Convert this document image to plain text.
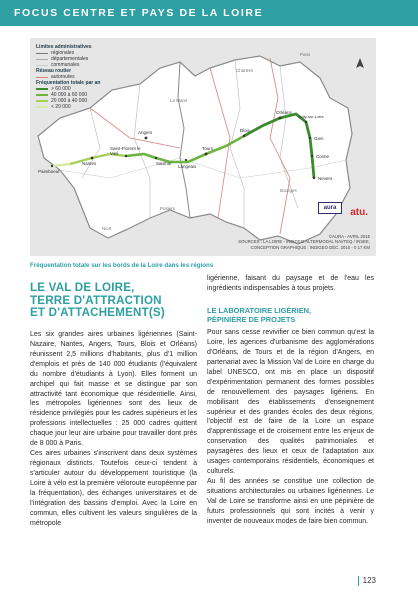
FOCUS CENTRE ET PAYS DE LA LOIRE
Limites administratives
régionales
départementales
communales
Réseau routier
autoroutes
Fréquentation totale par an
> 60 000
40 000 à 60 000
20 000 à 40 000
< 20 000
Paimboeuf
Nantes
Saint-Florent le Vieil
Saumur
Angers
Tours
Blois
Orléans
Langeais
Sully-sur-Loire
Gien
Cosne
Nevers
Paris
Bourges
Poitiers
Chartres
Niort
Le Mans
aura	atu.
©AURA - AVRIL 2015
SOURCES : LA LOIRE - INDIGEO ALTERMODAL NAVTEQ / INSEE,
CONCEPTION GRAPHIQUE : INDIGEO DÉC. 2010 - 0 17 KM
Fréquentation totale sur les bords de la Loire dans les régions
LE VAL DE LOIRE,
TERRE D'ATTRACTION
ET D'ATTACHEMENT(S)

Les six grandes aires urbaines ligériennes (Saint-Nazaire, Nantes, Angers, Tours, Blois et Orléans) réunissent 2,5 millions d'habitants, plus d'1 million d'emplois et près de 140 000 étudiants (l'équivalent du nombre d'étudiants à Lyon). Elles forment un archipel qui fait masse et se distingue par son attractivité tant économique que résidentielle. Ainsi, les métropoles ligériennes sont des lieux de résidence privilégiés pour les cadres supérieurs et les professions intellectuelles : 25 000 cadres quittent chaque jour leur aire urbaine pour travailler dont près de 8 000 à Paris.

Ces aires urbaines s'inscrivent dans deux systèmes régionaux distincts. Toutefois ceux-ci tendent à s'articuler autour du développement touristique (la Loire à vélo est la première véloroute européenne par la fréquentation), des échanges universitaires et de l'intégration des bassins d'emploi. Avec la Loire en commun, elles cultivent les valeurs singulières de la métropole

ligérienne, faisant du paysage et de l'eau les ingrédients indispensables à tous projets.

LE LABORATOIRE LIGÉRIEN,
PÉPINIÈRE DE PROJETS

Pour sans cesse revivifier ce bien commun qu'est la Loire, les agences d'urbanisme des agglomérations d'Orléans, de Tours et de la région d'Angers, en partenariat avec la Mission Val de Loire en charge du label UNESCO, ont mis en place un dispositif d'expérimentation permanent des formes possibles de renouvellement des paysages ligériens. En mobilisant des établissements d'enseignement supérieur et des grandes écoles des deux régions, l'objectif est de faire de la Loire un espace d'apprentissage et de croisement entre les enjeux de conservation des qualités patrimoniales et paysagères des lieux et ceux de l'adaptation aux usages contemporains résidentiels, économiques et culturels.

Au fil des années se constitue une collection de situations architecturales ou urbaines ligériennes. Le Val de Loire se transforme ainsi en une pépinière de futurs professionnels qui sont incités à venir y inventer de nouveaux modes de faire bien commun.

123
